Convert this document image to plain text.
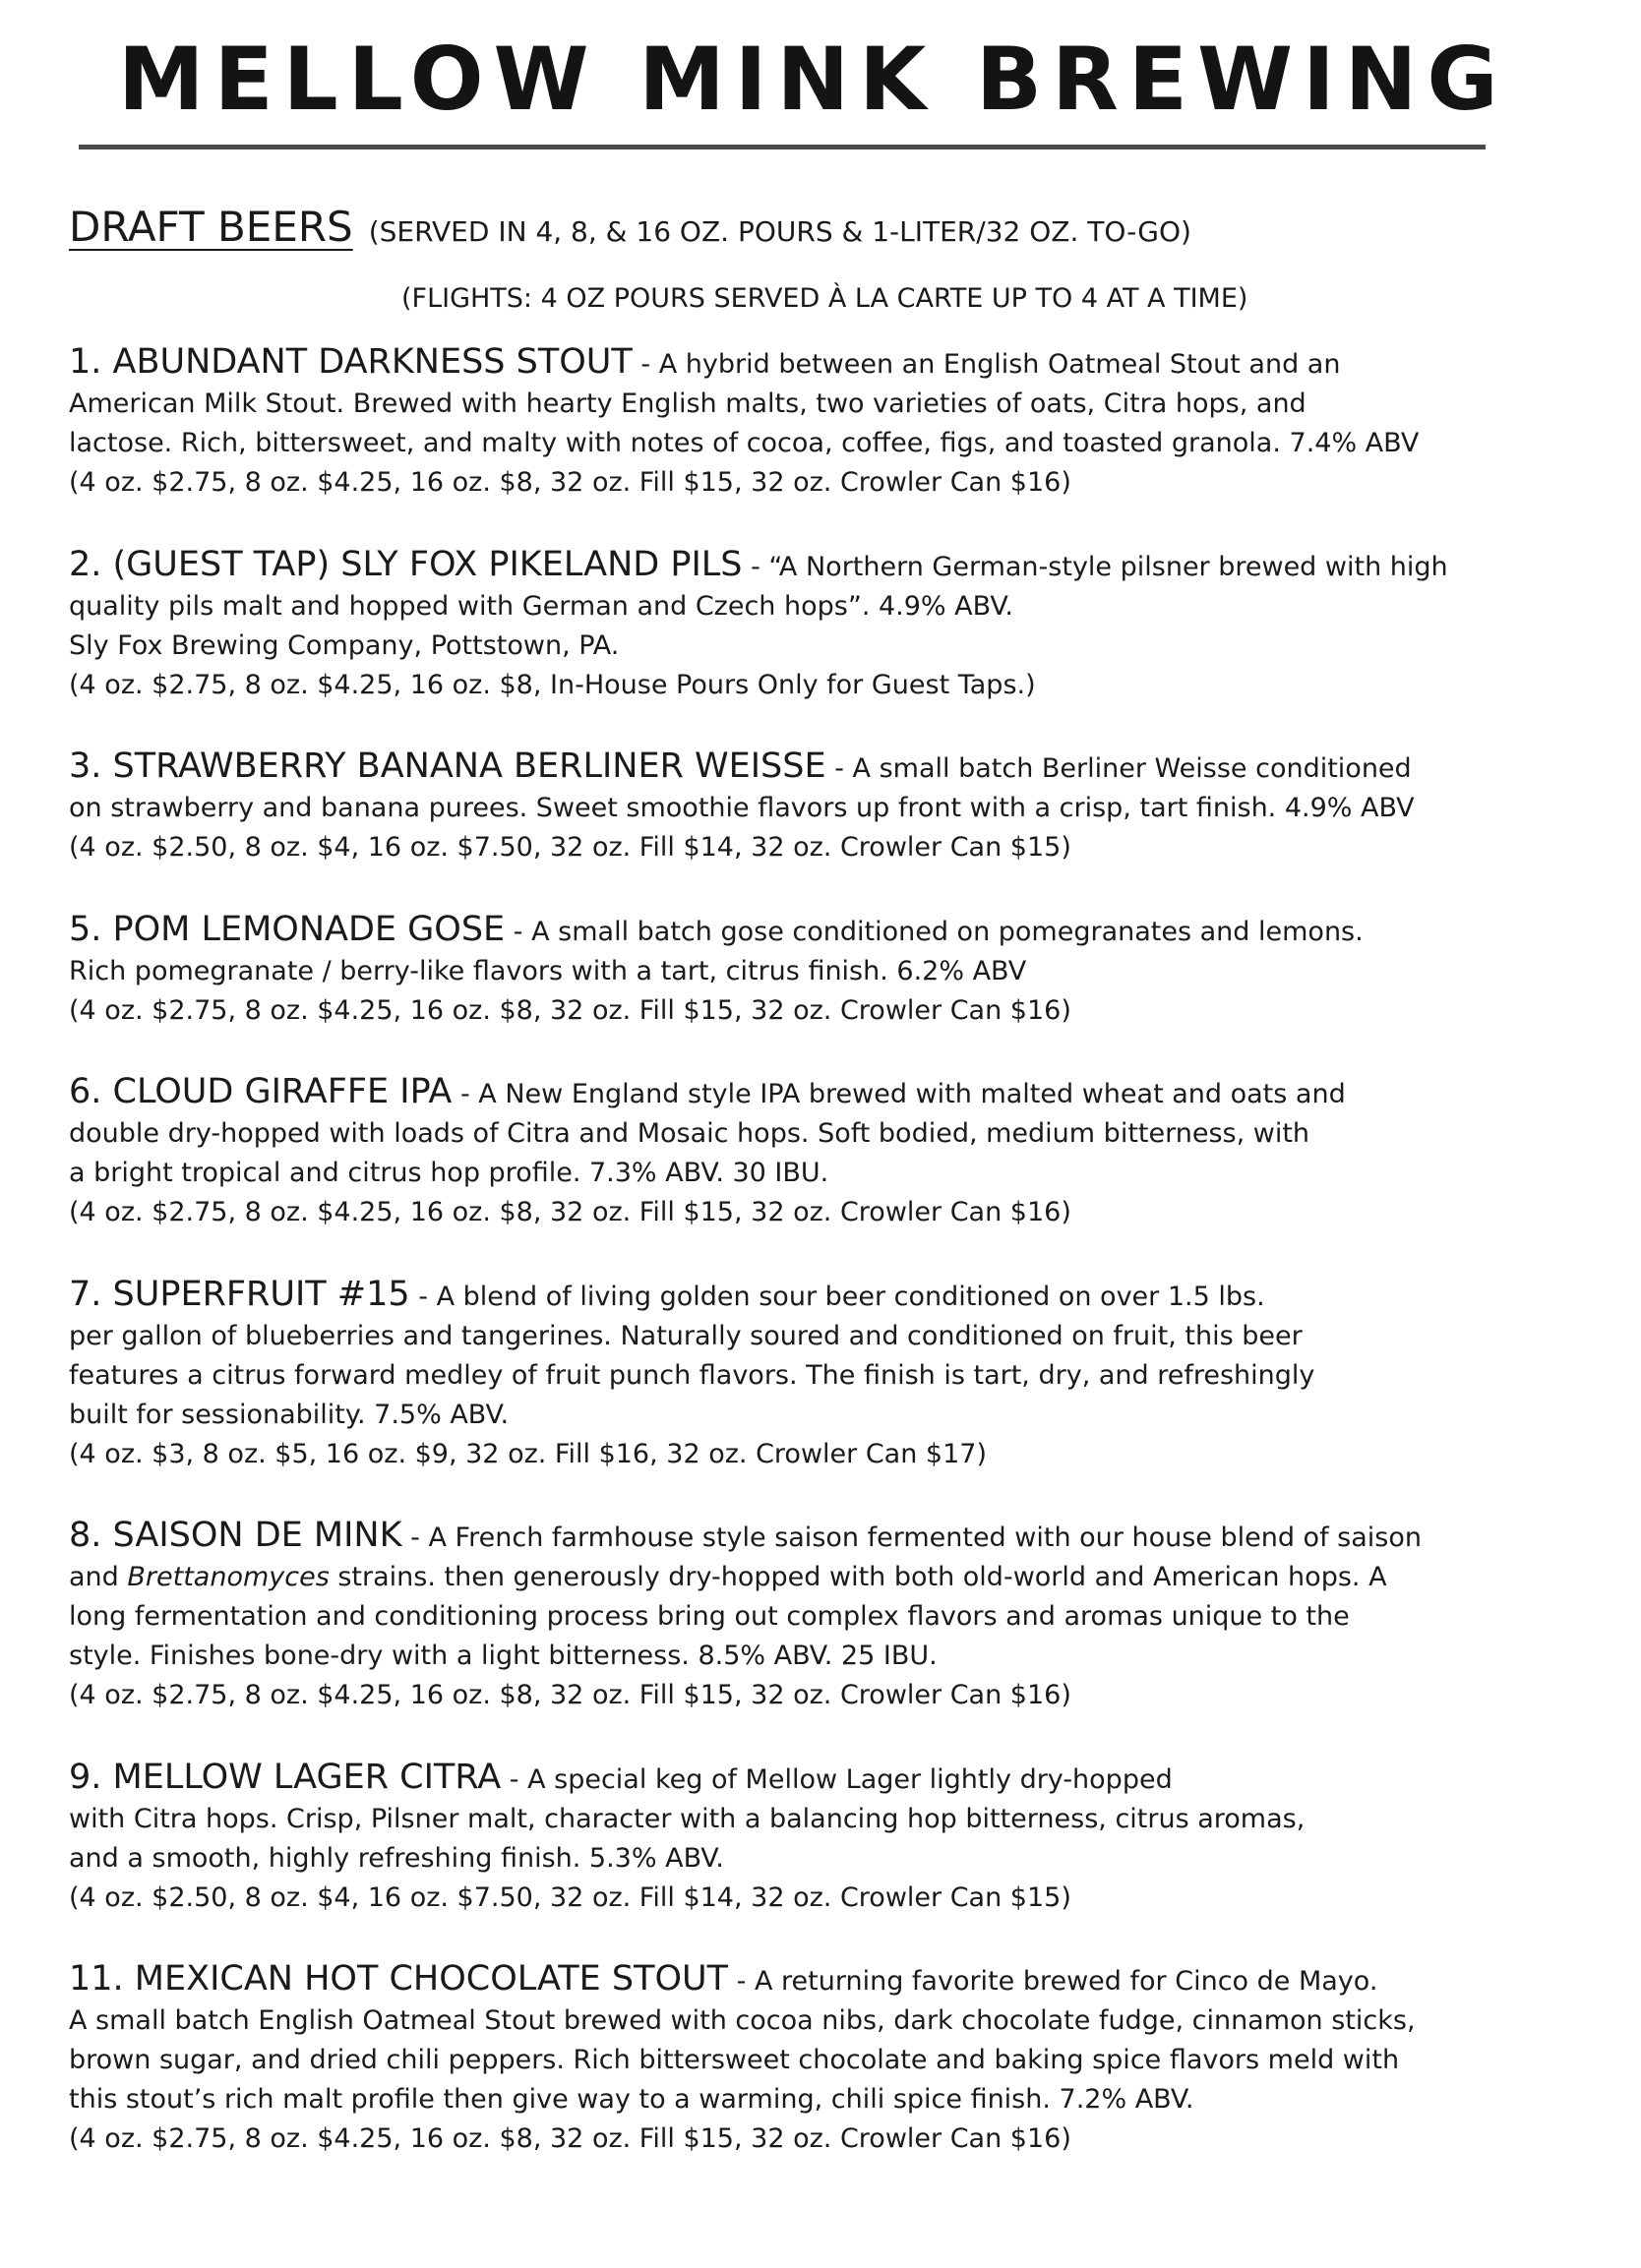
MELLOW MINK BREWING
DRAFT BEERS (SERVED IN 4, 8, & 16 OZ. POURS & 1-LITER/32 OZ. TO-GO)
(FLIGHTS: 4 OZ POURS SERVED À LA CARTE UP TO 4 AT A TIME)

1. ABUNDANT DARKNESS STOUT - A hybrid between an English Oatmeal Stout and an

American Milk Stout. Brewed with hearty English malts, two varieties of oats, Citra hops, and

lactose. Rich, bittersweet, and malty with notes of cocoa, coffee, figs, and toasted granola. 7.4% ABV

(4 oz. $2.75, 8 oz. $4.25, 16 oz. $8, 32 oz. Fill $15, 32 oz. Crowler Can $16)

2. (GUEST TAP) SLY FOX PIKELAND PILS - “A Northern German-style pilsner brewed with high

quality pils malt and hopped with German and Czech hops”. 4.9% ABV.

Sly Fox Brewing Company, Pottstown, PA.

(4 oz. $2.75, 8 oz. $4.25, 16 oz. $8, In-House Pours Only for Guest Taps.)

3. STRAWBERRY BANANA BERLINER WEISSE - A small batch Berliner Weisse conditioned

on strawberry and banana purees. Sweet smoothie flavors up front with a crisp, tart finish. 4.9% ABV

(4 oz. $2.50, 8 oz. $4, 16 oz. $7.50, 32 oz. Fill $14, 32 oz. Crowler Can $15)

5. POM LEMONADE GOSE - A small batch gose conditioned on pomegranates and lemons.

Rich pomegranate / berry-like flavors with a tart, citrus finish. 6.2% ABV

(4 oz. $2.75, 8 oz. $4.25, 16 oz. $8, 32 oz. Fill $15, 32 oz. Crowler Can $16)

6. CLOUD GIRAFFE IPA - A New England style IPA brewed with malted wheat and oats and

double dry-hopped with loads of Citra and Mosaic hops. Soft bodied, medium bitterness, with

a bright tropical and citrus hop profile. 7.3% ABV. 30 IBU.

(4 oz. $2.75, 8 oz. $4.25, 16 oz. $8, 32 oz. Fill $15, 32 oz. Crowler Can $16)

7. SUPERFRUIT #15 - A blend of living golden sour beer conditioned on over 1.5 lbs.

per gallon of blueberries and tangerines. Naturally soured and conditioned on fruit, this beer

features a citrus forward medley of fruit punch flavors. The finish is tart, dry, and refreshingly

built for sessionability. 7.5% ABV.

(4 oz. $3, 8 oz. $5, 16 oz. $9, 32 oz. Fill $16, 32 oz. Crowler Can $17)

8. SAISON DE MINK - A French farmhouse style saison fermented with our house blend of saison

and Brettanomyces strains. then generously dry-hopped with both old-world and American hops. A

long fermentation and conditioning process bring out complex flavors and aromas unique to the

style. Finishes bone-dry with a light bitterness. 8.5% ABV. 25 IBU.

(4 oz. $2.75, 8 oz. $4.25, 16 oz. $8, 32 oz. Fill $15, 32 oz. Crowler Can $16)

9. MELLOW LAGER CITRA - A special keg of Mellow Lager lightly dry-hopped

with Citra hops. Crisp, Pilsner malt, character with a balancing hop bitterness, citrus aromas,

and a smooth, highly refreshing finish. 5.3% ABV.

(4 oz. $2.50, 8 oz. $4, 16 oz. $7.50, 32 oz. Fill $14, 32 oz. Crowler Can $15)

11. MEXICAN HOT CHOCOLATE STOUT - A returning favorite brewed for Cinco de Mayo.

A small batch English Oatmeal Stout brewed with cocoa nibs, dark chocolate fudge, cinnamon sticks,

brown sugar, and dried chili peppers. Rich bittersweet chocolate and baking spice flavors meld with

this stout’s rich malt profile then give way to a warming, chili spice finish. 7.2% ABV.

(4 oz. $2.75, 8 oz. $4.25, 16 oz. $8, 32 oz. Fill $15, 32 oz. Crowler Can $16)
